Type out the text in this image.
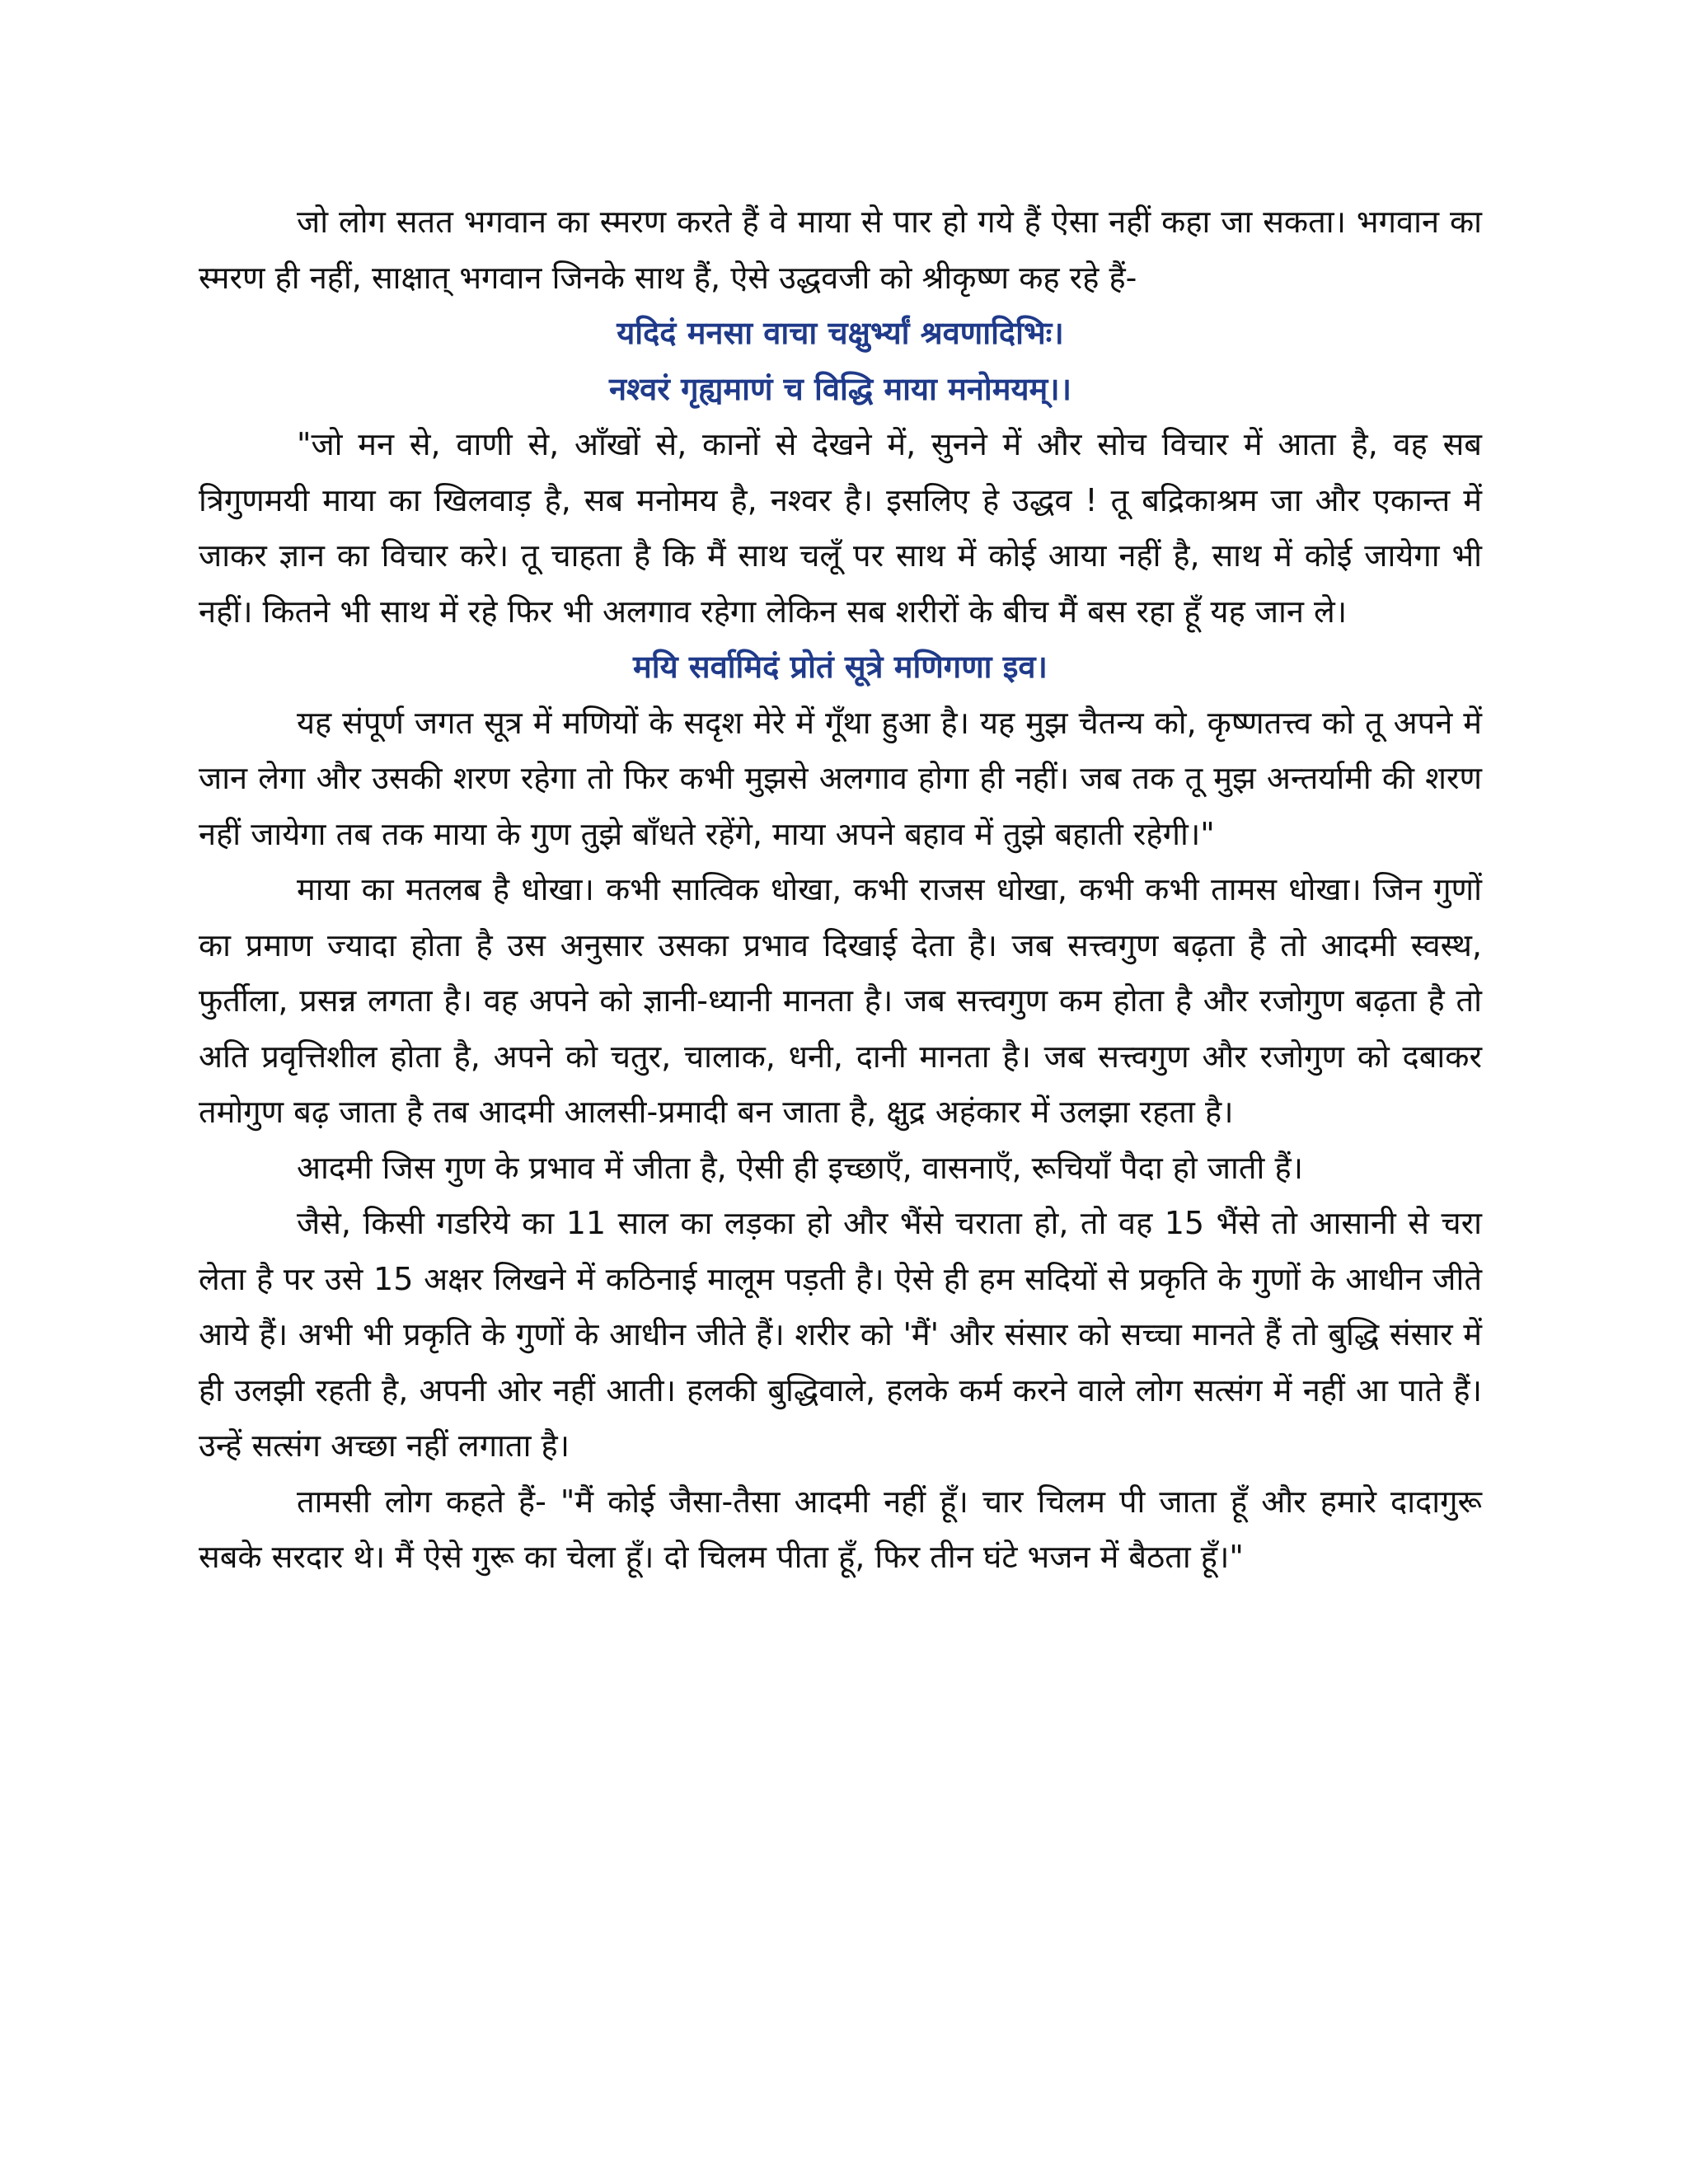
जो लोग सतत भगवान का स्मरण करते हैं वे माया से पार हो गये हैं ऐसा नहीं कहा जा सकता। भगवान का स्मरण ही नहीं, साक्षात् भगवान जिनके साथ हैं, ऐसे उद्धवजी को श्रीकृष्ण कह रहे हैं-

यदिदं मनसा वाचा चक्षुर्भ्यां श्रवणादिभिः।

नश्वरं गृह्यमाणं च विद्धि माया मनोमयम्।।

"जो मन से, वाणी से, आँखों से, कानों से देखने में, सुनने में और सोच विचार में आता है, वह सब त्रिगुणमयी माया का खिलवाड़ है, सब मनोमय है, नश्वर है। इसलिए हे उद्धव ! तू बद्रिकाश्रम जा और एकान्त में जाकर ज्ञान का विचार करे। तू चाहता है कि मैं साथ चलूँ पर साथ में कोई आया नहीं है, साथ में कोई जायेगा भी नहीं। कितने भी साथ में रहे फिर भी अलगाव रहेगा लेकिन सब शरीरों के बीच मैं बस रहा हूँ यह जान ले।

मयि सर्वामिदं प्रोतं सूत्रे मणिगणा इव।

यह संपूर्ण जगत सूत्र में मणियों के सदृश मेरे में गूँथा हुआ है। यह मुझ चैतन्य को, कृष्णतत्त्व को तू अपने में जान लेगा और उसकी शरण रहेगा तो फिर कभी मुझसे अलगाव होगा ही नहीं। जब तक तू मुझ अन्तर्यामी की शरण नहीं जायेगा तब तक माया के गुण तुझे बाँधते रहेंगे, माया अपने बहाव में तुझे बहाती रहेगी।"

माया का मतलब है धोखा। कभी सात्विक धोखा, कभी राजस धोखा, कभी कभी तामस धोखा। जिन गुणों का प्रमाण ज्यादा होता है उस अनुसार उसका प्रभाव दिखाई देता है। जब सत्त्वगुण बढ़ता है तो आदमी स्वस्थ, फुर्तीला, प्रसन्न लगता है। वह अपने को ज्ञानी-ध्यानी मानता है। जब सत्त्वगुण कम होता है और रजोगुण बढ़ता है तो अति प्रवृत्तिशील होता है, अपने को चतुर, चालाक, धनी, दानी मानता है। जब सत्त्वगुण और रजोगुण को दबाकर तमोगुण बढ़ जाता है तब आदमी आलसी-प्रमादी बन जाता है, क्षुद्र अहंकार में उलझा रहता है।

आदमी जिस गुण के प्रभाव में जीता है, ऐसी ही इच्छाएँ, वासनाएँ, रूचियाँ पैदा हो जाती हैं।

जैसे, किसी गडरिये का 11 साल का लड़का हो और भैंसे चराता हो, तो वह 15 भैंसे तो आसानी से चरा लेता है पर उसे 15 अक्षर लिखने में कठिनाई मालूम पड़ती है। ऐसे ही हम सदियों से प्रकृति के गुणों के आधीन जीते आये हैं। अभी भी प्रकृति के गुणों के आधीन जीते हैं। शरीर को 'मैं' और संसार को सच्चा मानते हैं तो बुद्धि संसार में ही उलझी रहती है, अपनी ओर नहीं आती। हलकी बुद्धिवाले, हलके कर्म करने वाले लोग सत्संग में नहीं आ पाते हैं। उन्हें सत्संग अच्छा नहीं लगाता है।

तामसी लोग कहते हैं- "मैं कोई जैसा-तैसा आदमी नहीं हूँ। चार चिलम पी जाता हूँ और हमारे दादागुरू सबके सरदार थे। मैं ऐसे गुरू का चेला हूँ। दो चिलम पीता हूँ, फिर तीन घंटे भजन में बैठता हूँ।"
